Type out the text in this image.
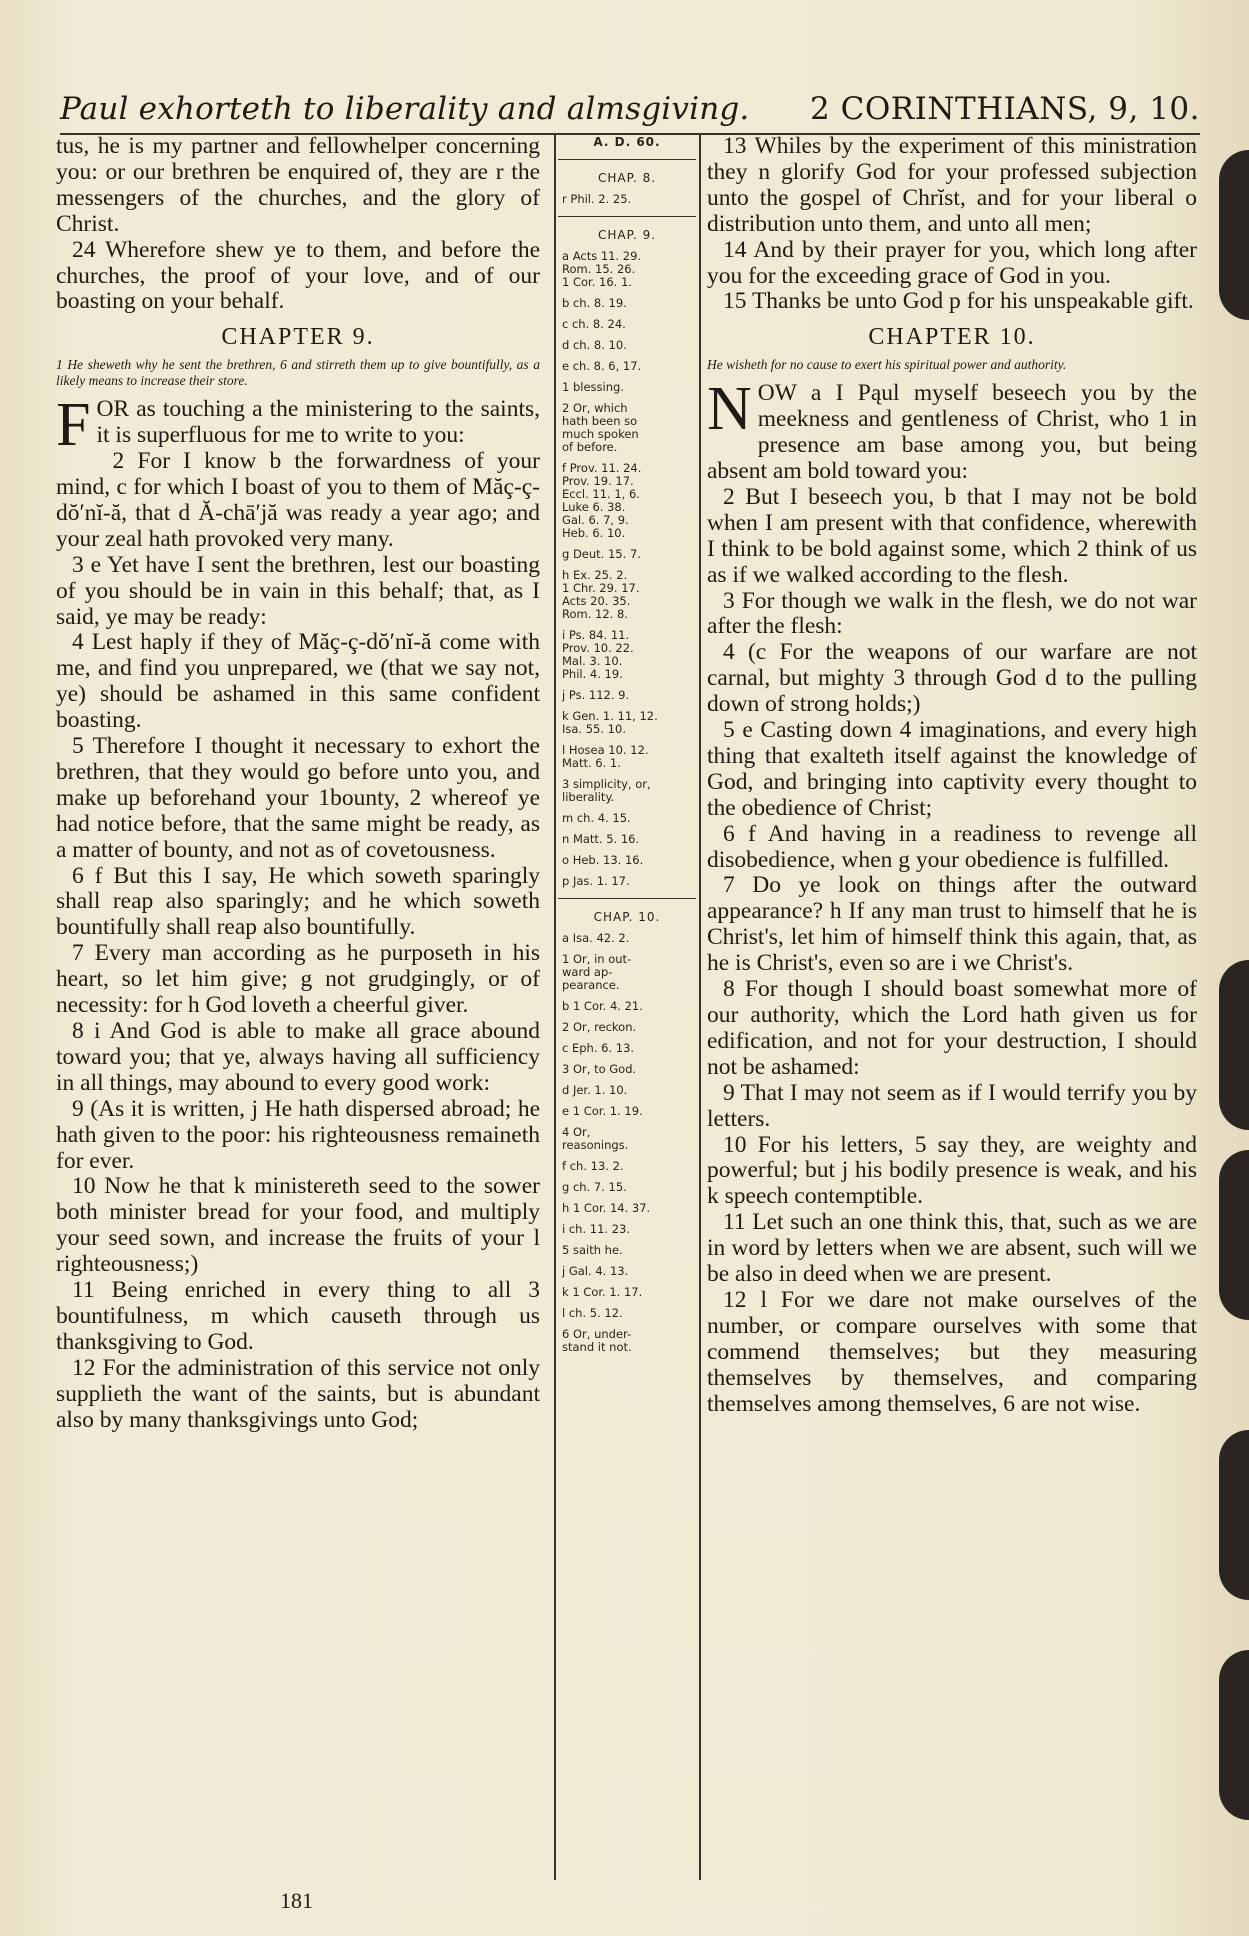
Paul exhorteth to liberality and almsgiving. 2 CORINTHIANS, 9, 10.

tus, he is my partner and fellowhelper concerning you: or our brethren be enquired of, they are r the messengers of the churches, and the glory of Christ.

24 Wherefore shew ye to them, and before the churches, the proof of your love, and of our boasting on your behalf.

CHAPTER 9.
1 He sheweth why he sent the brethren, 6 and stirreth them up to give bountifully, as a likely means to increase their store.

FOR as touching a the ministering to the saints, it is superfluous for me to write to you:

2 For I know b the forwardness of your mind, c for which I boast of you to them of Măç-ç-dŏ′nĭ-ă, that d Ă-chā′jă was ready a year ago; and your zeal hath provoked very many.

3 e Yet have I sent the brethren, lest our boasting of you should be in vain in this behalf; that, as I said, ye may be ready:

4 Lest haply if they of Măç-ç-dŏ′nĭ-ă come with me, and find you unprepared, we (that we say not, ye) should be ashamed in this same confident boasting.

5 Therefore I thought it necessary to exhort the brethren, that they would go before unto you, and make up beforehand your 1bounty, 2 whereof ye had notice before, that the same might be ready, as a matter of bounty, and not as of covetousness.

6 f But this I say, He which soweth sparingly shall reap also sparingly; and he which soweth bountifully shall reap also bountifully.

7 Every man according as he purposeth in his heart, so let him give; g not grudgingly, or of necessity: for h God loveth a cheerful giver.

8 i And God is able to make all grace abound toward you; that ye, always having all sufficiency in all things, may abound to every good work:

9 (As it is written, j He hath dispersed abroad; he hath given to the poor: his righteousness remaineth for ever.

10 Now he that k ministereth seed to the sower both minister bread for your food, and multiply your seed sown, and increase the fruits of your l righteousness;)

11 Being enriched in every thing to all 3 bountifulness, m which causeth through us thanksgiving to God.

12 For the administration of this service not only supplieth the want of the saints, but is abundant also by many thanksgivings unto God;

A. D. 60.
CHAP. 8.
r Phil. 2. 25.
CHAP. 9.
a Acts 11. 29.
Rom. 15. 26.
1 Cor. 16. 1.
b ch. 8. 19.
c ch. 8. 24.
d ch. 8. 10.
e ch. 8. 6, 17.
1 blessing.
2 Or, which
hath been so
much spoken
of before.
f Prov. 11. 24.
Prov. 19. 17.
Eccl. 11. 1, 6.
Luke 6. 38.
Gal. 6. 7, 9.
Heb. 6. 10.
g Deut. 15. 7.
h Ex. 25. 2.
1 Chr. 29. 17.
Acts 20. 35.
Rom. 12. 8.
i Ps. 84. 11.
Prov. 10. 22.
Mal. 3. 10.
Phil. 4. 19.
j Ps. 112. 9.
k Gen. 1. 11, 12.
Isa. 55. 10.
l Hosea 10. 12.
Matt. 6. 1.
3 simplicity, or,
liberality.
m ch. 4. 15.
n Matt. 5. 16.
o Heb. 13. 16.
p Jas. 1. 17.
CHAP. 10.
a Isa. 42. 2.
1 Or, in out-
ward ap-
pearance.
b 1 Cor. 4. 21.
2 Or, reckon.
c Eph. 6. 13.
3 Or, to God.
d Jer. 1. 10.
e 1 Cor. 1. 19.
4 Or,
reasonings.
f ch. 13. 2.
g ch. 7. 15.
h 1 Cor. 14. 37.
i ch. 11. 23.
5 saith he.
j Gal. 4. 13.
k 1 Cor. 1. 17.
l ch. 5. 12.
6 Or, under-
stand it not.

13 Whiles by the experiment of this ministration they n glorify God for your professed subjection unto the gospel of Chrĭst, and for your liberal o distribution unto them, and unto all men;

14 And by their prayer for you, which long after you for the exceeding grace of God in you.

15 Thanks be unto God p for his unspeakable gift.

CHAPTER 10.
He wisheth for no cause to exert his spiritual power and authority.

NOW a I Pąul myself beseech you by the meekness and gentleness of Christ, who 1 in presence am base among you, but being absent am bold toward you:

2 But I beseech you, b that I may not be bold when I am present with that confidence, wherewith I think to be bold against some, which 2 think of us as if we walked according to the flesh.

3 For though we walk in the flesh, we do not war after the flesh:

4 (c For the weapons of our warfare are not carnal, but mighty 3 through God d to the pulling down of strong holds;)

5 e Casting down 4 imaginations, and every high thing that exalteth itself against the knowledge of God, and bringing into captivity every thought to the obedience of Christ;

6 f And having in a readiness to revenge all disobedience, when g your obedience is fulfilled.

7 Do ye look on things after the outward appearance? h If any man trust to himself that he is Christ's, let him of himself think this again, that, as he is Christ's, even so are i we Christ's.

8 For though I should boast somewhat more of our authority, which the Lord hath given us for edification, and not for your destruction, I should not be ashamed:

9 That I may not seem as if I would terrify you by letters.

10 For his letters, 5 say they, are weighty and powerful; but j his bodily presence is weak, and his k speech contemptible.

11 Let such an one think this, that, such as we are in word by letters when we are absent, such will we be also in deed when we are present.

12 l For we dare not make ourselves of the number, or compare ourselves with some that commend themselves; but they measuring themselves by themselves, and comparing themselves among themselves, 6 are not wise.

181
